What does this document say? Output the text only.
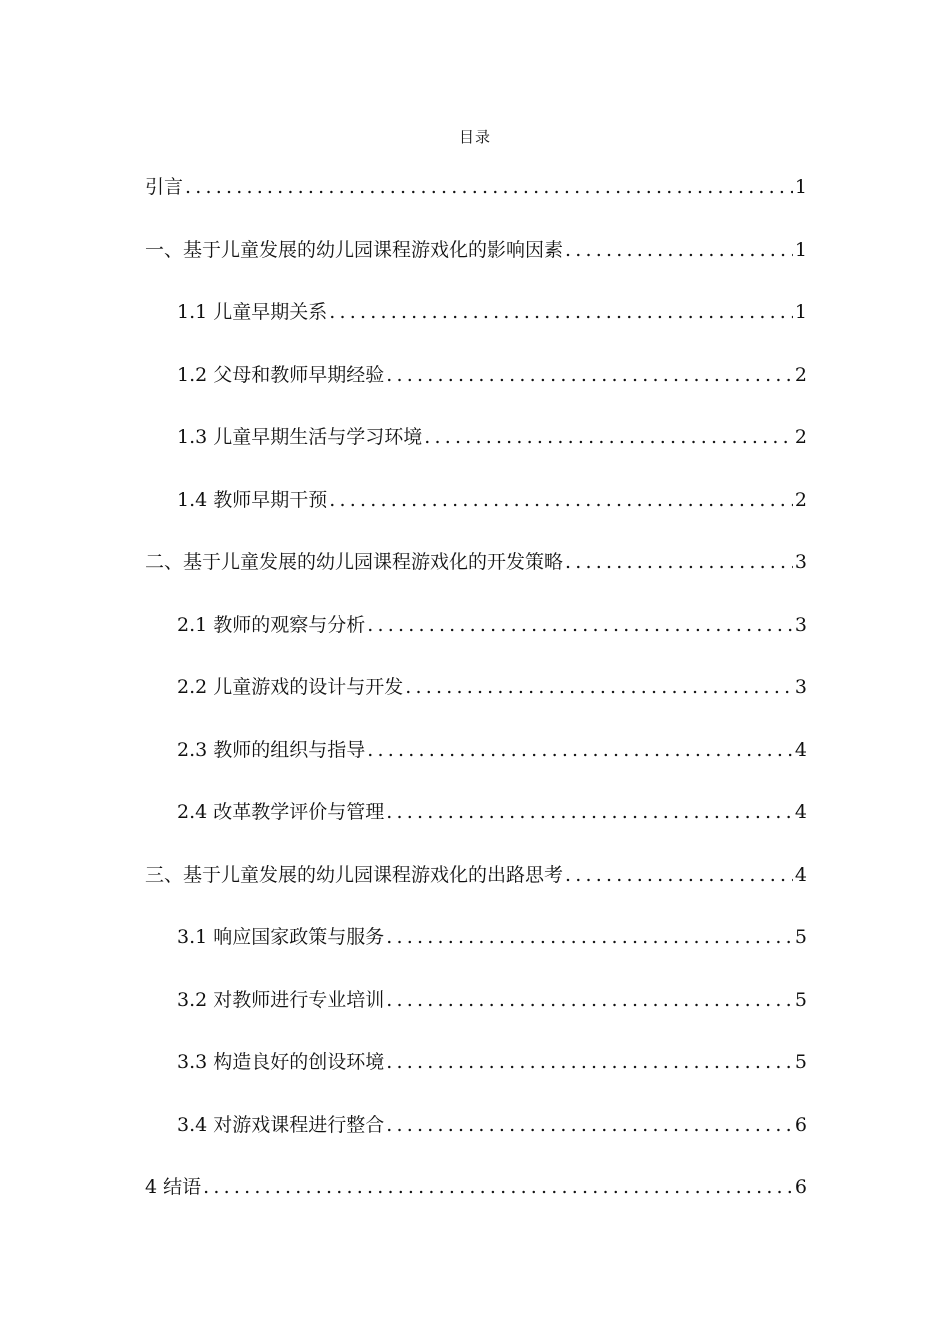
目录
引言 .....	1
一、基于儿童发展的幼儿园课程游戏化的影响因素 .....	1
1.1 儿童早期关系 .....	1
1.2 父母和教师早期经验 .....	2
1.3 儿童早期生活与学习环境 .....	2
1.4 教师早期干预 .....	2
二、基于儿童发展的幼儿园课程游戏化的开发策略 .....	3
2.1 教师的观察与分析 .....	3
2.2 儿童游戏的设计与开发 .....	3
2.3 教师的组织与指导 .....	4
2.4 改革教学评价与管理 .....	4
三、基于儿童发展的幼儿园课程游戏化的出路思考 .....	4
3.1 响应国家政策与服务 .....	5
3.2 对教师进行专业培训 .....	5
3.3 构造良好的创设环境 .....	5
3.4 对游戏课程进行整合 .....	6
4 结语 .....	6
